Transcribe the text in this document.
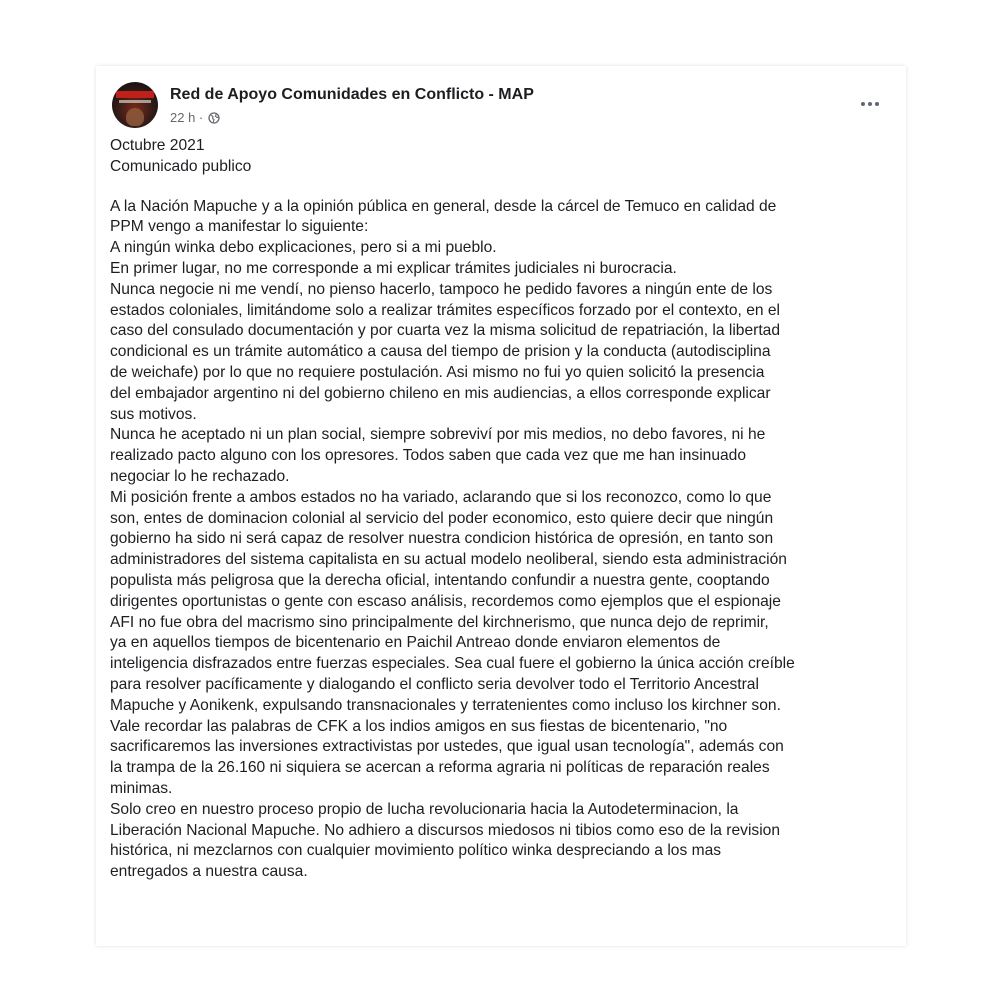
Red de Apoyo Comunidades en Conflicto - MAP
22 h ·
Octubre 2021
Comunicado publico
A la Nación Mapuche y a la opinión pública en general, desde la cárcel de Temuco en calidad de
PPM vengo a manifestar lo siguiente:
A ningún winka debo explicaciones, pero si a mi pueblo.
En primer lugar, no me corresponde a mi explicar trámites judiciales ni burocracia.
Nunca negocie ni me vendí, no pienso hacerlo, tampoco he pedido favores a ningún ente de los
estados coloniales, limitándome solo a realizar trámites específicos forzado por el contexto, en el
caso del consulado documentación y por cuarta vez la misma solicitud de repatriación, la libertad
condicional es un trámite automático a causa del tiempo de prision y la conducta (autodisciplina
de weichafe) por lo que no requiere postulación. Asi mismo no fui yo quien solicitó la presencia
del embajador argentino ni del gobierno chileno en mis audiencias, a ellos corresponde explicar
sus motivos.
Nunca he aceptado ni un plan social, siempre sobreviví por mis medios, no debo favores, ni he
realizado pacto alguno con los opresores. Todos saben que cada vez que me han insinuado
negociar lo he rechazado.
Mi posición frente a ambos estados no ha variado, aclarando que si los reconozco, como lo que
son, entes de dominacion colonial al servicio del poder economico, esto quiere decir que ningún
gobierno ha sido ni será capaz de resolver nuestra condicion histórica de opresión, en tanto son
administradores del sistema capitalista en su actual modelo neoliberal, siendo esta administración
populista más peligrosa que la derecha oficial, intentando confundir a nuestra gente, cooptando
dirigentes oportunistas o gente con escaso análisis, recordemos como ejemplos que el espionaje
AFI no fue obra del macrismo sino principalmente del kirchnerismo, que nunca dejo de reprimir,
ya en aquellos tiempos de bicentenario en Paichil Antreao donde enviaron elementos de
inteligencia disfrazados entre fuerzas especiales. Sea cual fuere el gobierno la única acción creíble
para resolver pacíficamente y dialogando el conflicto seria devolver todo el Territorio Ancestral
Mapuche y Aonikenk, expulsando transnacionales y terratenientes como incluso los kirchner son.
Vale recordar las palabras de CFK a los indios amigos en sus fiestas de bicentenario, "no
sacrificaremos las inversiones extractivistas por ustedes, que igual usan tecnología", además con
la trampa de la 26.160 ni siquiera se acercan a reforma agraria ni políticas de reparación reales
minimas.
Solo creo en nuestro proceso propio de lucha revolucionaria hacia la Autodeterminacion, la
Liberación Nacional Mapuche. No adhiero a discursos miedosos ni tibios como eso de la revision
histórica, ni mezclarnos con cualquier movimiento político winka despreciando a los mas
entregados a nuestra causa.
